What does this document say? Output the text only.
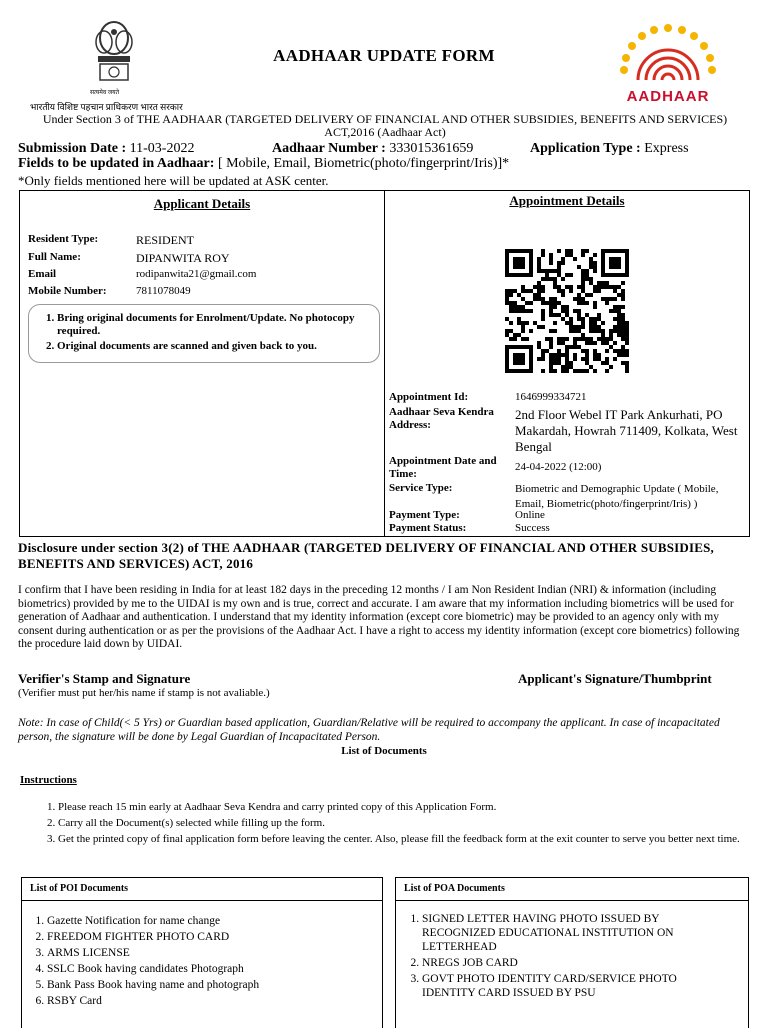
सत्यमेव जयते
भारतीय विशिष्ट पहचान प्राधिकरण भारत सरकार
AADHAAR UPDATE FORM
AADHAAR
Under Section 3 of THE AADHAAR (TARGETED DELIVERY OF FINANCIAL AND OTHER SUBSIDIES, BENEFITS AND SERVICES) ACT,2016 (Aadhaar Act)
Submission Date : 11-03-2022	Aadhaar Number : 333015361659	Application Type : Express
Fields to be updated in Aadhaar: [ Mobile, Email, Biometric(photo/fingerprint/Iris)]*
*Only fields mentioned here will be updated at ASK center.
Applicant Details
Resident Type:	RESIDENT
Full Name:	DIPANWITA ROY
Email	rodipanwita21@gmail.com
Mobile Number:	7811078049
1. Bring original documents for Enrolment/Update. No photocopy required.
2. Original documents are scanned and given back to you.
Appointment Details
Appointment Id:	1646999334721
Aadhaar Seva Kendra Address:
2nd Floor Webel IT Park Ankurhati, PO Makardah, Howrah 711409, Kolkata, West Bengal
Appointment Date and Time:
24-04-2022 (12:00)
Service Type:	Biometric and Demographic Update ( Mobile, Email, Biometric(photo/fingerprint/Iris) )
Payment Type:	Online
Payment Status:	Success
Disclosure under section 3(2) of THE AADHAAR (TARGETED DELIVERY OF FINANCIAL AND OTHER SUBSIDIES, BENEFITS AND SERVICES) ACT, 2016
I confirm that I have been residing in India for at least 182 days in the preceding 12 months / I am Non Resident Indian (NRI) & information (including biometrics) provided by me to the UIDAI is my own and is true, correct and accurate. I am aware that my information including biometrics will be used for generation of Aadhaar and authentication. I understand that my identity information (except core biometric) may be provided to an agency only with my consent during authentication or as per the provisions of the Aadhaar Act. I have a right to access my identity information (except core biometrics) following the procedure laid down by UIDAI.
Verifier's Stamp and Signature
(Verifier must put her/his name if stamp is not avaliable.)
Applicant's Signature/Thumbprint
Note: In case of Child(< 5 Yrs) or Guardian based application, Guardian/Relative will be required to accompany the applicant. In case of incapacitated person, the signature will be done by Legal Guardian of Incapacitated Person.
List of Documents
Instructions
1. Please reach 15 min early at Aadhaar Seva Kendra and carry printed copy of this Application Form.
2. Carry all the Document(s) selected while filling up the form.
3. Get the printed copy of final application form before leaving the center. Also, please fill the feedback form at the exit counter to serve you better next time.
List of POI Documents
1. Gazette Notification for name change
2. FREEDOM FIGHTER PHOTO CARD
3. ARMS LICENSE
4. SSLC Book having candidates Photograph
5. Bank Pass Book having name and photograph
6. RSBY Card
List of POA Documents
1. SIGNED LETTER HAVING PHOTO ISSUED BY RECOGNIZED EDUCATIONAL INSTITUTION ON LETTERHEAD
2. NREGS JOB CARD
3. GOVT PHOTO IDENTITY CARD/SERVICE PHOTO IDENTITY CARD ISSUED BY PSU
